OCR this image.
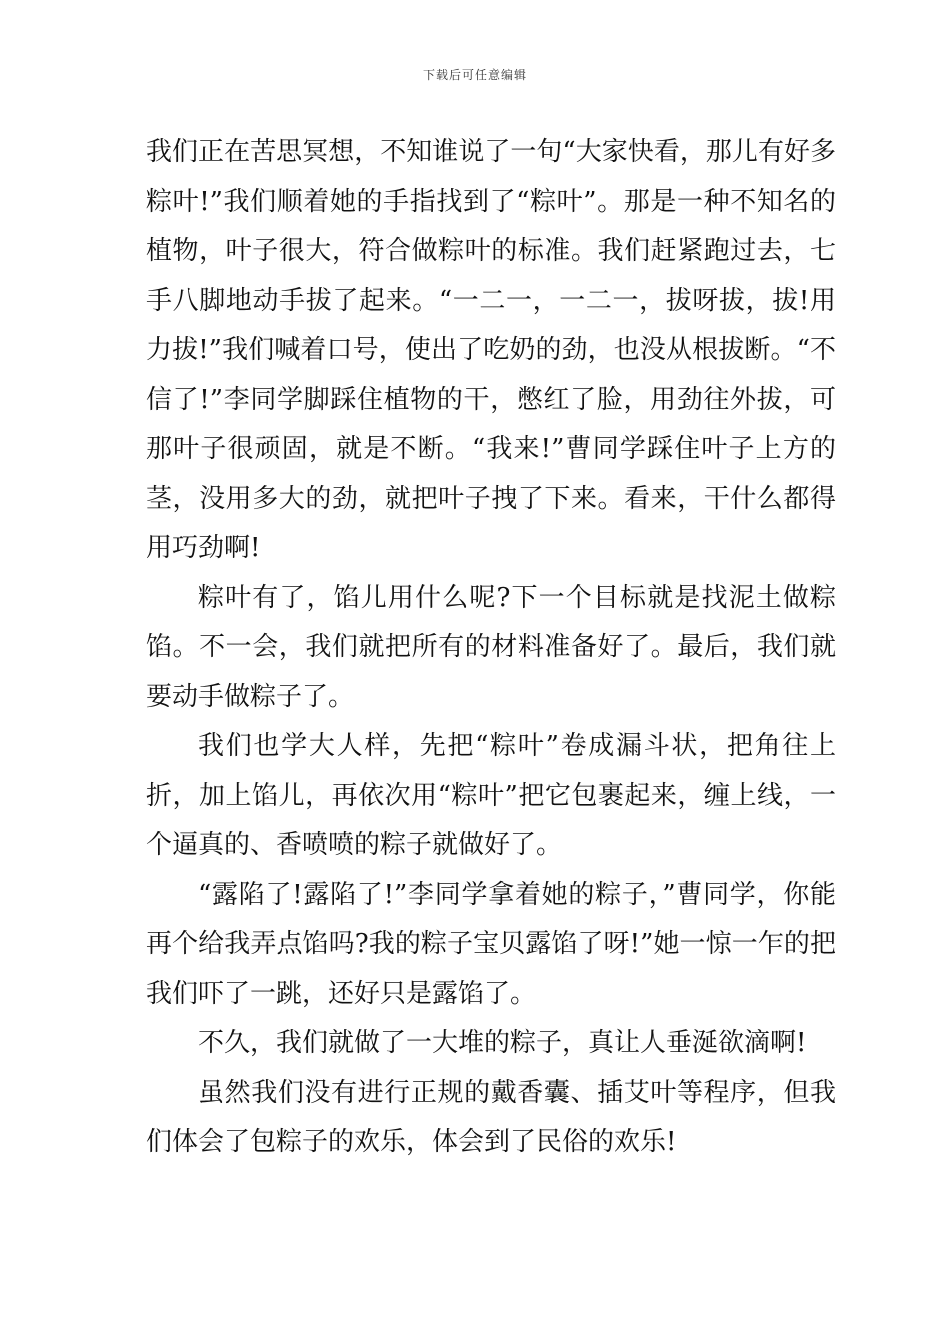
下载后可任意编辑

我们正在苦思冥想，不知谁说了一句“大家快看，那儿有好多粽叶!”我们顺着她的手指找到了“粽叶”。那是一种不知名的植物，叶子很大，符合做粽叶的标准。我们赶紧跑过去，七手八脚地动手拔了起来。“一二一，一二一，拔呀拔，拔!用力拔!”我们喊着口号，使出了吃奶的劲，也没从根拔断。“不信了!”李同学脚踩住植物的干，憋红了脸，用劲往外拔，可那叶子很顽固，就是不断。“我来!”曹同学踩住叶子上方的茎，没用多大的劲，就把叶子拽了下来。看来，干什么都得用巧劲啊!

粽叶有了，馅儿用什么呢?下一个目标就是找泥土做粽馅。不一会，我们就把所有的材料准备好了。最后，我们就要动手做粽子了。

我们也学大人样，先把“粽叶”卷成漏斗状，把角往上折，加上馅儿，再依次用“粽叶”把它包裹起来，缠上线，一个逼真的、香喷喷的粽子就做好了。

“露陷了!露陷了!”李同学拿着她的粽子，”曹同学，你能再个给我弄点馅吗?我的粽子宝贝露馅了呀!”她一惊一乍的把我们吓了一跳，还好只是露馅了。

不久，我们就做了一大堆的粽子，真让人垂涎欲滴啊!

虽然我们没有进行正规的戴香囊、插艾叶等程序，但我们体会了包粽子的欢乐，体会到了民俗的欢乐!
